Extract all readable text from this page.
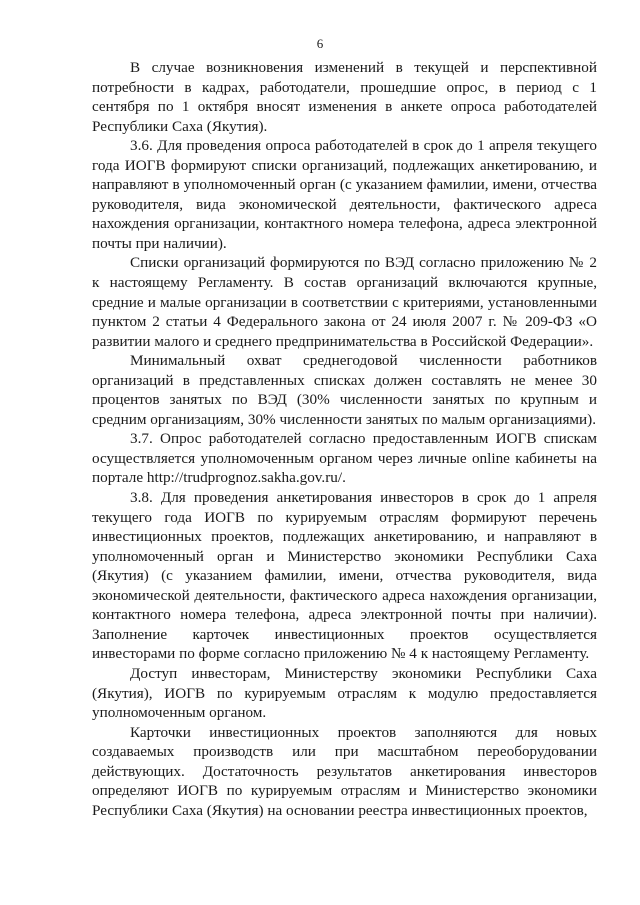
6

В случае возникновения изменений в текущей и перспективной потребности в кадрах, работодатели, прошедшие опрос, в период с 1 сентября по 1 октября вносят изменения в анкете опроса работодателей Республики Саха (Якутия).

3.6. Для проведения опроса работодателей в срок до 1 апреля текущего года ИОГВ формируют списки организаций, подлежащих анкетированию, и направляют в уполномоченный орган (с указанием фамилии, имени, отчества руководителя, вида экономической деятельности, фактического адреса нахождения организации, контактного номера телефона, адреса электронной почты при наличии).

Списки организаций формируются по ВЭД согласно приложению № 2 к настоящему Регламенту. В состав организаций включаются крупные, средние и малые организации в соответствии с критериями, установленными пунктом 2 статьи 4 Федерального закона от 24 июля 2007 г. № 209-ФЗ «О развитии малого и среднего предпринимательства в Российской Федерации».

Минимальный охват среднегодовой численности работников организаций в представленных списках должен составлять не менее 30 процентов занятых по ВЭД (30% численности занятых по крупным и средним организациям, 30% численности занятых по малым организациями).

3.7. Опрос работодателей согласно предоставленным ИОГВ спискам осуществляется уполномоченным органом через личные online кабинеты на портале http://trudprognoz.sakha.gov.ru/.

3.8. Для проведения анкетирования инвесторов в срок до 1 апреля текущего года ИОГВ по курируемым отраслям формируют перечень инвестиционных проектов, подлежащих анкетированию, и направляют в уполномоченный орган и Министерство экономики Республики Саха (Якутия) (с указанием фамилии, имени, отчества руководителя, вида экономической деятельности, фактического адреса нахождения организации, контактного номера телефона, адреса электронной почты при наличии). Заполнение карточек инвестиционных проектов осуществляется инвесторами по форме согласно приложению № 4 к настоящему Регламенту.

Доступ инвесторам, Министерству экономики Республики Саха (Якутия), ИОГВ по курируемым отраслям к модулю предоставляется уполномоченным органом.

Карточки инвестиционных проектов заполняются для новых создаваемых производств или при масштабном переоборудовании действующих. Достаточность результатов анкетирования инвесторов определяют ИОГВ по курируемым отраслям и Министерство экономики Республики Саха (Якутия) на основании реестра инвестиционных проектов,
